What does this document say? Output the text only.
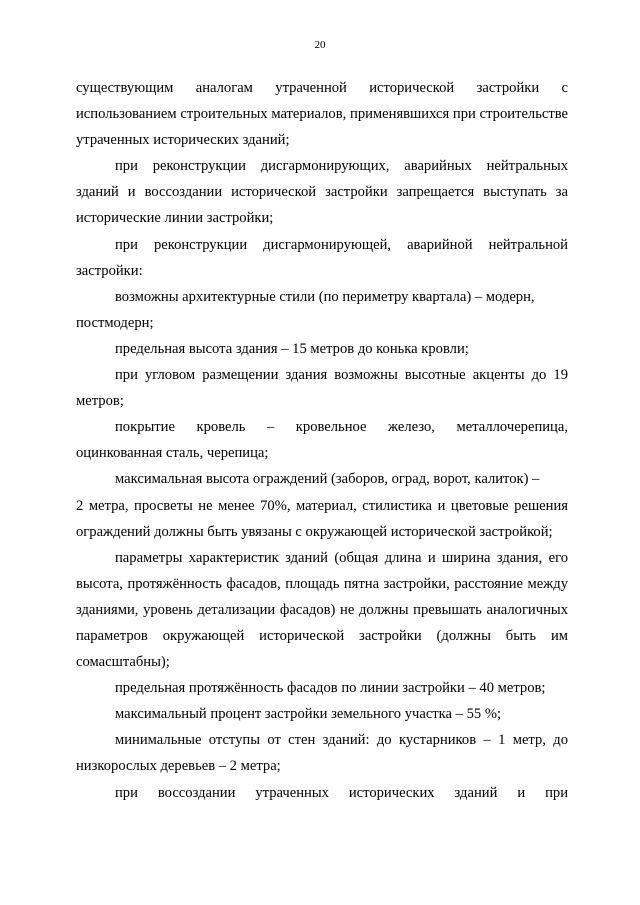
20

существующим аналогам утраченной исторической застройки с использованием строительных материалов, применявшихся при строительстве утраченных исторических зданий;

при реконструкции дисгармонирующих, аварийных нейтральных зданий и воссоздании исторической застройки запрещается выступать за исторические линии застройки;

при реконструкции дисгармонирующей, аварийной нейтральной застройки:

возможны архитектурные стили (по периметру квартала) – модерн,
постмодерн;

предельная высота здания – 15 метров до конька кровли;

при угловом размещении здания возможны высотные акценты до 19 метров;

покрытие кровель – кровельное железо, металлочерепица, оцинкованная сталь, черепица;

максимальная высота ограждений (заборов, оград, ворот, калиток) –
2 метра, просветы не менее 70%, материал, стилистика и цветовые решения ограждений должны быть увязаны с окружающей исторической застройкой;

параметры характеристик зданий (общая длина и ширина здания, его высота, протяжённость фасадов, площадь пятна застройки, расстояние между зданиями, уровень детализации фасадов) не должны превышать аналогичных параметров окружающей исторической застройки (должны быть им сомасштабны);

предельная протяжённость фасадов по линии застройки – 40 метров;

максимальный процент застройки земельного участка – 55 %;

минимальные отступы от стен зданий: до кустарников – 1 метр, до низкорослых деревьев – 2 метра;

при воссоздании утраченных исторических зданий и при
